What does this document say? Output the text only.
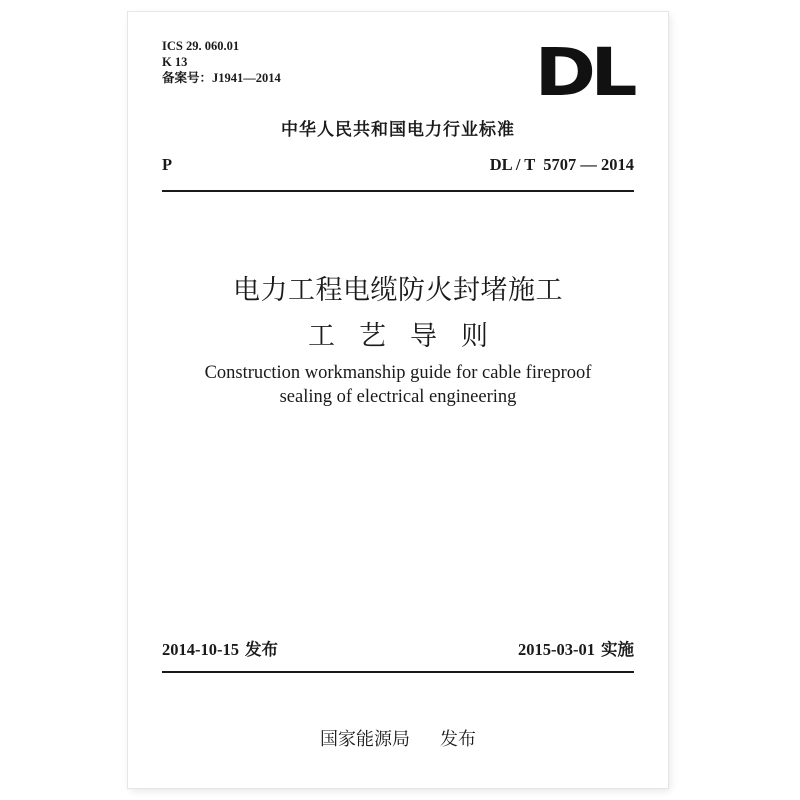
ICS 29. 060.01
K 13
备案号：J1941—2014	DL
中华人民共和国电力行业标准
P	DL / T  5707 — 2014
电力工程电缆防火封堵施工
工艺导则
Construction workmanship guide for cable fireproof
sealing of electrical engineering
2014-10-15 发布	2015-03-01 实施
国家能源局 发布
